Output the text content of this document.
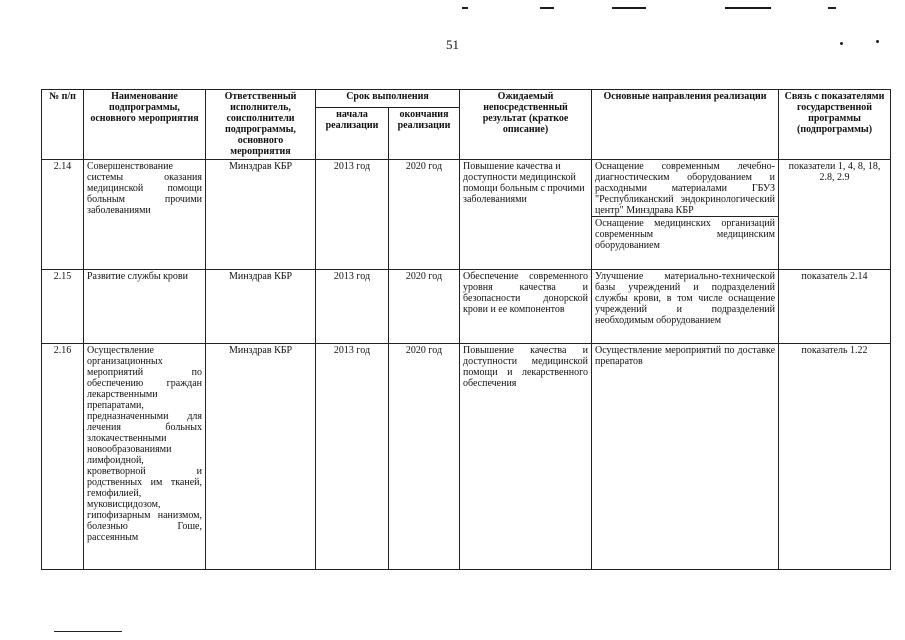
51
№ п/п	Наименование подпрограммы, основного мероприятия	Ответственный исполнитель, соисполнители подпрограммы, основного мероприятия	Срок выполнения		Ожидаемый непосредственный результат (краткое описание)	Основные направления реализации	Связь с показателями государственной программы (подпрограммы)
			начала реализации	окончания реализации			
2.14	Совершенствование системы оказания медицинской помощи больным прочими заболеваниями	Минздрав КБР	2013 год	2020 год	Повышение качества и доступности медицинской помощи больным с прочими заболеваниями	Оснащение современным лечебно-диагностическим оборудованием и расходными материалами ГБУЗ "Республиканский эндокринологический центр" Минздрава КБР
Оснащение медицинских организаций современным медицинским оборудованием	показатели 1, 4, 8, 18, 2.8, 2.9
2.15	Развитие службы крови	Минздрав КБР	2013 год	2020 год	Обеспечение современного уровня качества и безопасности донорской крови и ее компонентов	Улучшение материально-технической базы учреждений и подразделений службы крови, в том числе оснащение учреждений и подразделений необходимым оборудованием	показатель 2.14
2.16	Осуществление организационных мероприятий по обеспечению граждан лекарственными препаратами, предназначенными для лечения больных злокачественными новообразованиями лимфоидной, кроветворной и родственных им тканей, гемофилией, муковисцидозом, гипофизарным нанизмом, болезнью Гоше, рассеянным	Минздрав КБР	2013 год	2020 год	Повышение качества и доступности медицинской помощи и лекарственного обеспечения	Осуществление мероприятий по доставке препаратов	показатель 1.22
